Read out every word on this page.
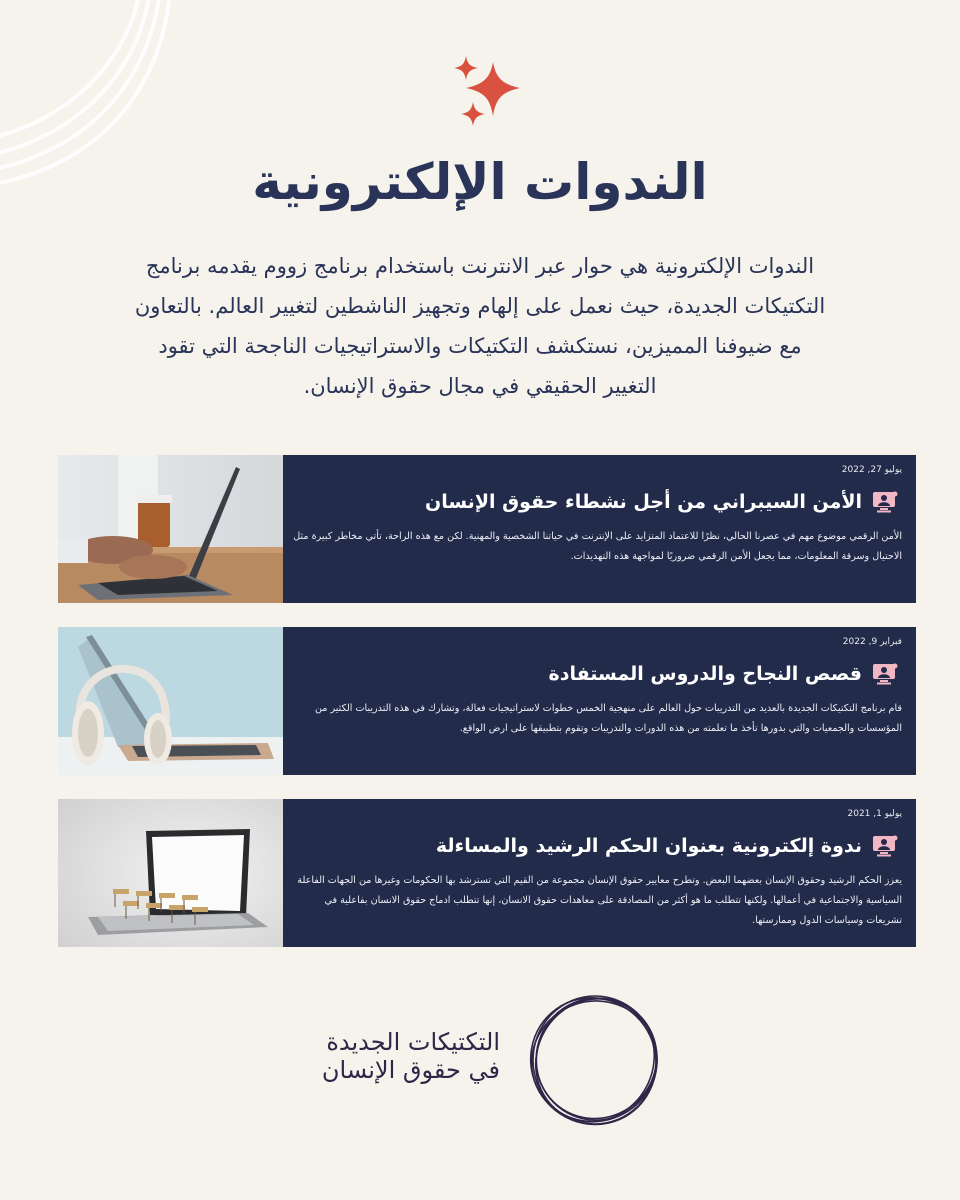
الندوات الإلكترونية

الندوات الإلكترونية هي حوار عبر الانترنت باستخدام برنامج زووم يقدمه برنامج التكتيكات الجديدة، حيث نعمل على إلهام وتجهيز الناشطين لتغيير العالم. بالتعاون مع ضيوفنا المميزين، نستكشف التكتيكات والاستراتيجيات الناجحة التي تقود التغيير الحقيقي في مجال حقوق الإنسان.

يوليو 27, 2022
الأمن السيبراني من أجل نشطاء حقوق الإنسان
الأمن الرقمي موضوع مهم في عصرنا الحالي، نظرًا للاعتماد المتزايد على الإنترنت في حياتنا الشخصية والمهنية. لكن مع هذه الراحة، تأتي مخاطر كبيرة مثل الاحتيال وسرقة المعلومات، مما يجعل الأمن الرقمي ضروريًا لمواجهة هذه التهديدات.
فبراير 9, 2022
قصص النجاح والدروس المستفادة
قام برنامج التكتيكات الجديدة بالعديد من التدريبات حول العالم على منهجية الخمس خطوات لاستراتيجيات فعالة، وتشارك في هذه التدريبات الكثير من المؤسسات والجمعيات والتي بدورها تأخذ ما تعلمته من هذه الدورات والتدريبات وتقوم بتطبيقها على ارض الواقع.
يوليو 1, 2021
ندوة إلكترونية بعنوان الحكم الرشيد والمساءلة
يعزز الحكم الرشيد وحقوق الإنسان بعضهما البعض. وتطرح معايير حقوق الإنسان مجموعة من القيم التي تسترشد بها الحكومات وغيرها من الجهات الفاعلة السياسية والاجتماعية في أعمالها. ولكنها تتطلب ما هو أكثر من المصادقة على معاهدات حقوق الانسان، إنها تتطلب ادماج حقوق الانسان بفاعلية في تشريعات وسياسات الدول وممارستها.
التكتيكات الجديدة
في حقوق الإنسان
